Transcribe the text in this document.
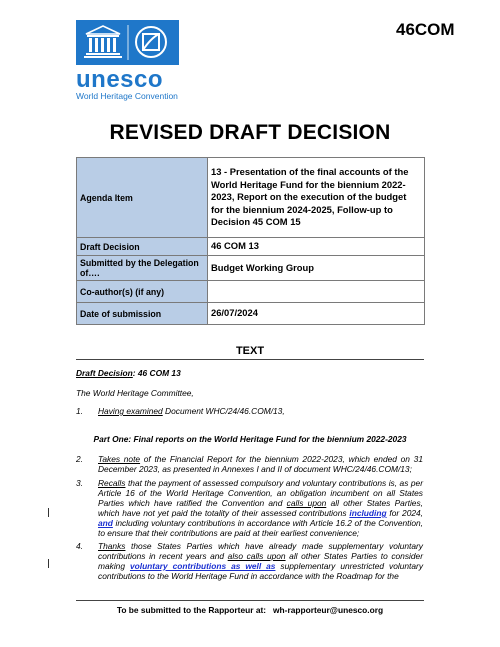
unesco
World Heritage Convention
46COM
REVISED DRAFT DECISION
Agenda Item	13 - Presentation of the final accounts of the World Heritage Fund for the biennium 2022-2023, Report on the execution of the budget for the biennium 2024-2025, Follow-up to Decision 45 COM 15
Draft Decision	46 COM 13
Submitted by the Delegation of….	Budget Working Group
Co-author(s) (if any)	
Date of submission	26/07/2024
TEXT
Draft Decision: 46 COM 13
The World Heritage Committee,
1.	Having examined Document WHC/24/46.COM/13,
Part One: Final reports on the World Heritage Fund for the biennium 2022-2023
2.	Takes note of the Financial Report for the biennium 2022-2023, which ended on 31 December 2023, as presented in Annexes I and II of document WHC/24/46.COM/13;
3.	Recalls that the payment of assessed compulsory and voluntary contributions is, as per Article 16 of the World Heritage Convention, an obligation incumbent on all States Parties which have ratified the Convention and calls upon all other States Parties, which have not yet paid the totality of their assessed contributions including for 2024, and including voluntary contributions in accordance with Article 16.2 of the Convention, to ensure that their contributions are paid at their earliest convenience;
4.	Thanks those States Parties which have already made supplementary voluntary contributions in recent years and also calls upon all other States Parties to consider making voluntary contributions as well as supplementary unrestricted voluntary contributions to the World Heritage Fund in accordance with the Roadmap for the
To be submitted to the Rapporteur at: wh-rapporteur@unesco.org
